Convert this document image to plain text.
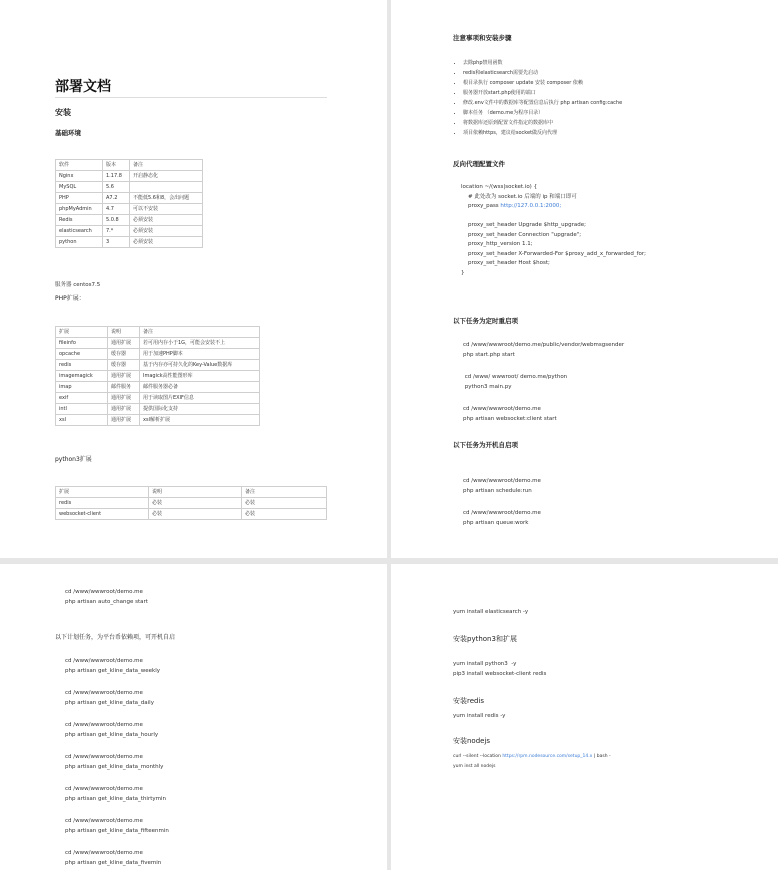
部署文档
安装
基础环境
软件	版本	备注
Nginx	1.17.8	开启静态化
MySQL	5.6	
PHP	A7.2	不能低5.6和8，会出问题
phpMyAdmin	4.7	可以不安装
Redis	5.0.8	必须安装
elasticsearch	7.*	必须安装
python	3	必须安装
服务器 centos7.5
PHP扩展：
扩展	说明	备注
fileinfo	通用扩展	若可用内存小于1G，可能会安装不上
opcache	缓存器	用于加速PHP脚本
redis	缓存器	基于内存亦可持久化的Key-Value数据库
imagemagick	通用扩展	Imagick高性能图形库
imap	邮件服务	邮件服务器必备
exif	通用扩展	用于读取图片EXIF信息
intl	通用扩展	提供国际化支持
xsl	通用扩展	xsl解析扩展
python3扩展
扩展	说明	备注
redis	必装	必装
websocket-client	必装	必装
注意事项和安装步骤
• 去除php禁用函数
• redis和elasticsearch需要先启动
• 根目录执行 composer update 安装 composer 依赖
• 服务器开放start.php使用的端口
• 修改.env文件中的数据库等配置信息后执行 php artisan config:cache
• 脚本任务 （demo.me为程序目录）
• 将数据库还原到配置文件指定的数据库中
• 项目依赖https，建议给socket做反向代理
反向代理配置文件
location ~/(wss|socket.io) {
# 此处改为 socket.io 后端的 ip 和端口即可
proxy_pass http://127.0.0.1:2000;

proxy_set_header Upgrade $http_upgrade;
proxy_set_header Connection "upgrade";
proxy_http_version 1.1;
proxy_set_header X-Forwarded-For $proxy_add_x_forwarded_for;
proxy_set_header Host $host;
}
以下任务为定时重启项
cd /www/wwwroot/demo.me/public/vendor/webmsgsender
php start.php start
cd /www/ wwwroot/ demo.me/python
python3 main.py
cd /www/wwwroot/demo.me
php artisan websocket:client start
以下任务为开机自启项
cd /www/wwwroot/demo.me
php artisan schedule:run
cd /www/wwwroot/demo.me
php artisan queue:work
cd /www/wwwroot/demo.me
php artisan auto_change start
以下计划任务，为平台币依赖项，可开机自启
cd /www/wwwroot/demo.me
php artisan get_kline_data_weekly
cd /www/wwwroot/demo.me
php artisan get_kline_data_daily
cd /www/wwwroot/demo.me
php artisan get_kline_data_hourly
cd /www/wwwroot/demo.me
php artisan get_kline_data_monthly
cd /www/wwwroot/demo.me
php artisan get_kline_data_thirtymin
cd /www/wwwroot/demo.me
php artisan get_kline_data_fifteenmin
cd /www/wwwroot/demo.me
php artisan get_kline_data_fivemin
yum install elasticsearch -y
安装python3和扩展
yum install python3  -y
pip3 install websocket-client redis
安装redis
yum install redis -y
安装nodejs
curl --silent --location https://rpm.nodesource.com/setup_14.x | bash -
yum inst all nodejs
